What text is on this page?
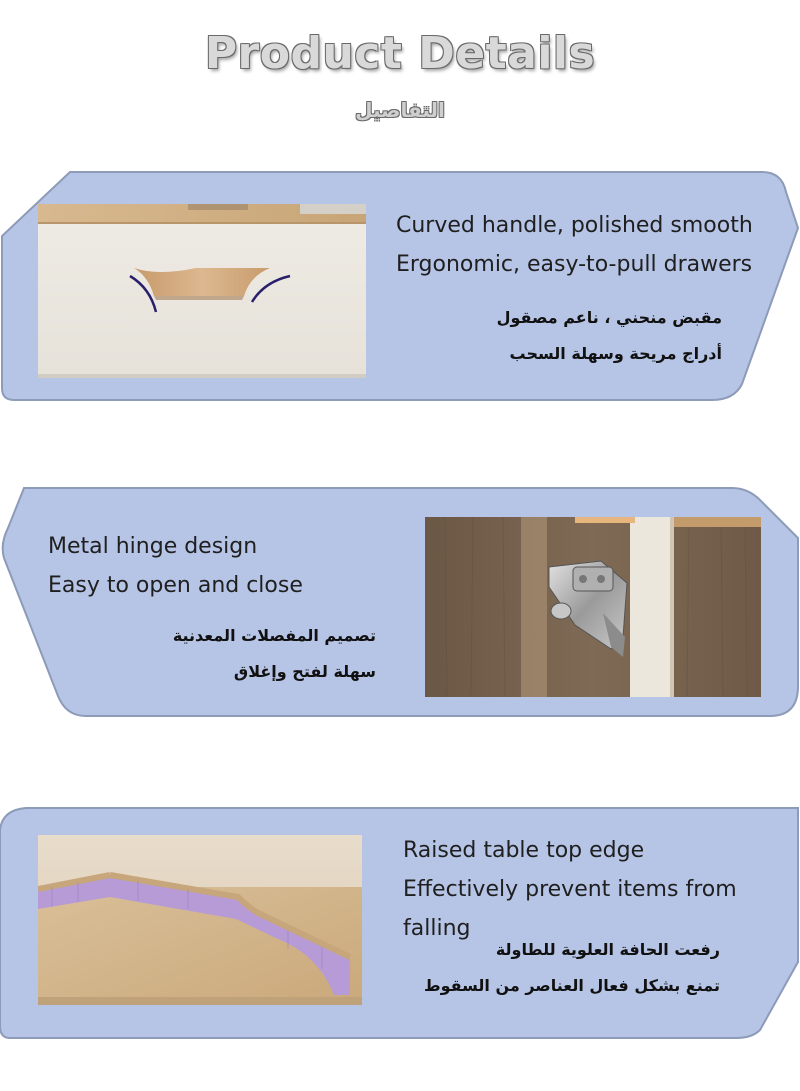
Product Details
التفاصيل
Curved handle, polished smooth
Ergonomic, easy-to-pull drawers
مقبض منحني ، ناعم مصقول
أدراج مريحة وسهلة السحب
Metal hinge design
Easy to open and close
تصميم المفصلات المعدنية
سهلة لفتح وإغلاق
Raised table top edge
Effectively prevent items from
falling
رفعت الحافة العلوية للطاولة
تمنع بشكل فعال العناصر من السقوط
